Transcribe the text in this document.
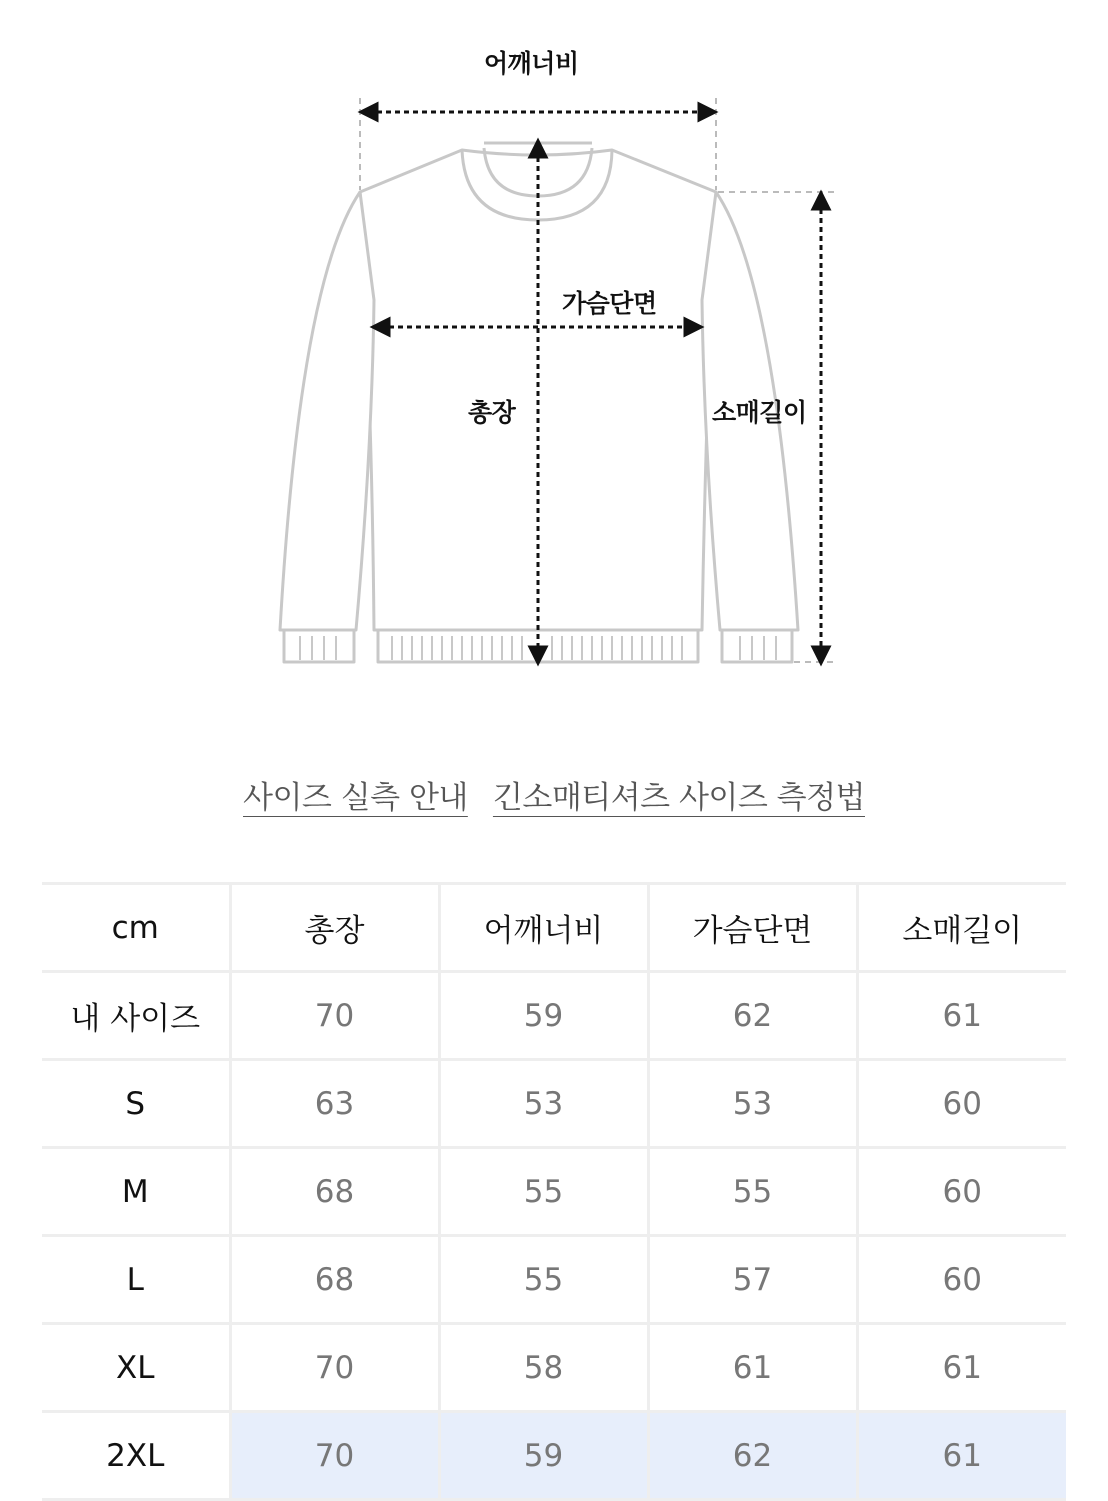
어깨너비
가슴단면
총장	소매길이
사이즈 실측 안내 긴소매티셔츠 사이즈 측정법
cm	총장	어깨너비	가슴단면	소매길이
내 사이즈	70	59	62	61
S	63	53	53	60
M	68	55	55	60
L	68	55	57	60
XL	70	58	61	61
2XL	70	59	62	61
